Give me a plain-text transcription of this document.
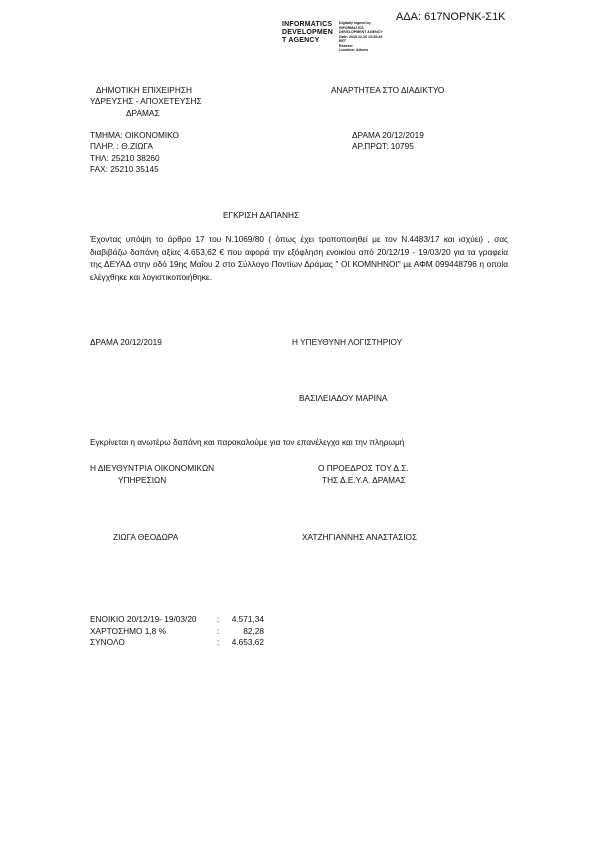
ΑΔΑ: 617ΝΟΡΝΚ-Σ1Κ
INFORMATICS
DEVELOPMEN
T AGENCY
Digitally signed by
INFORMATICS
DEVELOPMENT AGENCY
Date: 2019.12.20 13:39:49
EET
Reason:
Location: Athens
ΔΗΜΟΤΙΚΗ ΕΠΙΧΕΙΡΗΣΗ
ΥΔΡΕΥΣΗΣ - ΑΠΟΧΕΤΕΥΣΗΣ
ΔΡΑΜΑΣ
ΑΝΑΡΤΗΤΕΑ ΣΤΟ ΔΙΑΔΙΚΤΥΟ
ΤΜΗΜΑ: ΟΙΚΟΝΟΜΙΚΟ
ΠΛΗΡ. : Θ.ΖΙΩΓΑ
ΤΗΛ: 25210 38260
FAX: 25210 35145
ΔΡΑΜΑ 20/12/2019
ΑΡ.ΠΡΩΤ: 10795
ΕΓΚΡΙΣΗ ΔΑΠΑΝΗΣ
Έχοντας υπόψη το άρθρο 17 του Ν.1069/80 ( όπως έχει τροποποιηθεί με τον Ν.4483/17 και ισχύει) , σας διαβιβάζω δαπάνη αξίας 4.653,62 € που αφορά την εξόφληση ενοικίου από 20/12/19 - 19/03/20 για τα γραφεία της ΔΕΥΑΔ στην οδό 19ης Μαΐου 2 στο Σύλλογο Ποντίων Δράμας " ΟΙ ΚΟΜΝΗΝΟΙ" με ΑΦΜ 099448796 η οποία ελέγχθηκε και λογιστικοποιήθηκε.
ΔΡΑΜΑ 20/12/2019	Η ΥΠΕΥΘΥΝΗ ΛΟΓΙΣΤΗΡΙΟΥ
ΒΑΣΙΛΕΙΑΔΟΥ ΜΑΡΙΝΑ
Εγκρίνεται η ανωτέρω δαπάνη και παρακαλούμε για τον επανέλεγχο και την πληρωμή
Η ΔΙΕΥΘΥΝΤΡΙΑ ΟΙΚΟΝΟΜΙΚΩΝ
ΥΠΗΡΕΣΙΩΝ
Ο ΠΡΟΕΔΡΟΣ ΤΟΥ Δ.Σ.
ΤΗΣ Δ.Ε.Υ.Α. ΔΡΑΜΑΣ
ΖΙΩΓΑ ΘΕΟΔΩΡΑ	ΧΑΤΖΗΓΙΑΝΝΗΣ ΑΝΑΣΤΑΣΙΟΣ
ΕΝΟΙΚΙΟ 20/12/19- 19/03/20 :	4.571,34
ΧΑΡΤΟΣΗΜΟ 1,8 %	:	82,28
ΣΥΝΟΛΟ	:	4.653,62
